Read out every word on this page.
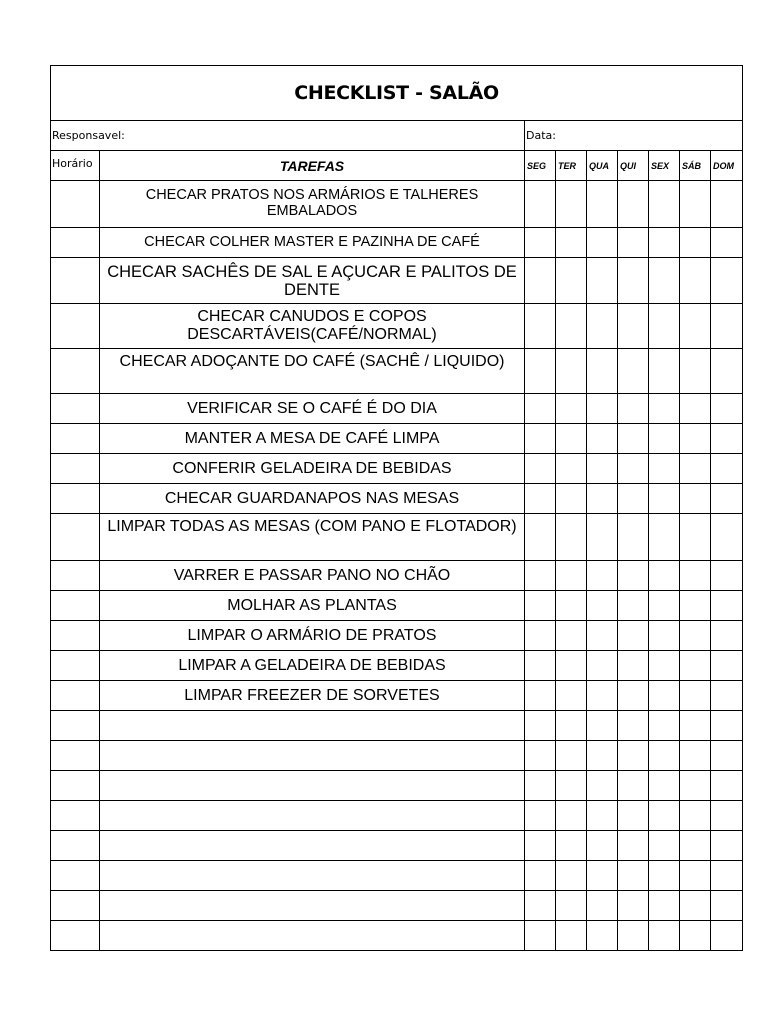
CHECKLIST - SALÃO								
Responsavel:		Data:						
Horário	TAREFAS	SEG	TER	QUA	QUI	SEX	SÁB	DOM
	CHECAR PRATOS NOS ARMÁRIOS E TALHERES EMBALADOS							
	CHECAR COLHER MASTER E PAZINHA DE CAFÉ							
	CHECAR SACHÊS DE SAL E AÇUCAR E PALITOS DE DENTE							
	CHECAR CANUDOS E COPOS DESCARTÁVEIS(CAFÉ/NORMAL)							
	CHECAR ADOÇANTE DO CAFÉ (SACHÊ / LIQUIDO)							
	VERIFICAR SE O CAFÉ É DO DIA							
	MANTER A MESA DE CAFÉ LIMPA							
	CONFERIR GELADEIRA DE BEBIDAS							
	CHECAR GUARDANAPOS NAS MESAS							
	LIMPAR TODAS AS MESAS (COM PANO E FLOTADOR)							
	VARRER E PASSAR PANO NO CHÃO							
	MOLHAR AS PLANTAS							
	LIMPAR O ARMÁRIO DE PRATOS							
	LIMPAR A GELADEIRA DE BEBIDAS							
	LIMPAR FREEZER DE SORVETES							
